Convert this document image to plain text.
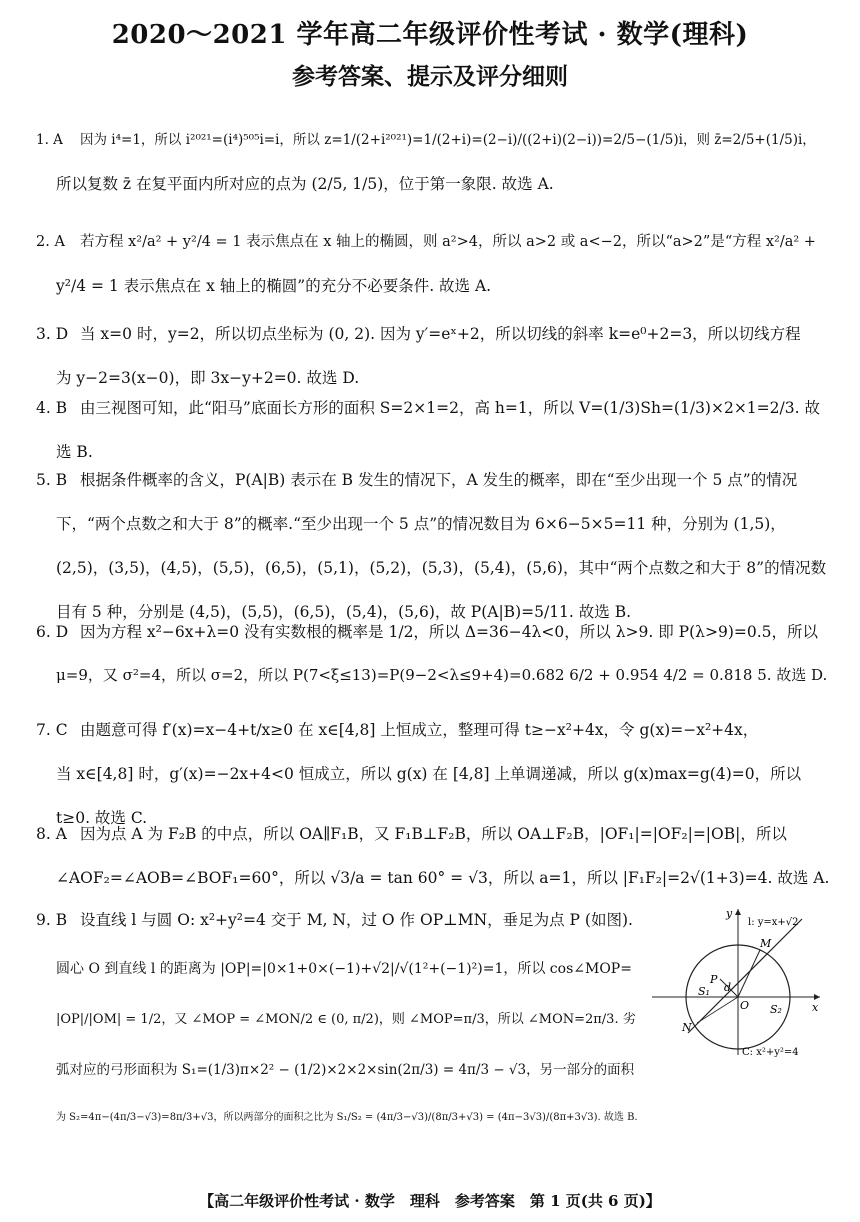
2020～2021 学年高二年级评价性考试 · 数学(理科)
参考答案、提示及评分细则
1. A 因为 i⁴=1，所以 i²⁰²¹=(i⁴)⁵⁰⁵i=i，所以 z=1/(2+i²⁰²¹)=1/(2+i)=(2−i)/((2+i)(2−i))=2/5−(1/5)i，则 z̄=2/5+(1/5)i，
所以复数 z̄ 在复平面内所对应的点为 (2/5, 1/5)，位于第一象限. 故选 A.
2. A 若方程 x²/a² + y²/4 = 1 表示焦点在 x 轴上的椭圆，则 a²>4，所以 a>2 或 a<−2，所以“a>2”是“方程 x²/a² +
y²/4 = 1 表示焦点在 x 轴上的椭圆”的充分不必要条件. 故选 A.
3. D 当 x=0 时，y=2，所以切点坐标为 (0, 2). 因为 y′=eˣ+2，所以切线的斜率 k=e⁰+2=3，所以切线方程
为 y−2=3(x−0)，即 3x−y+2=0. 故选 D.
4. B 由三视图可知，此“阳马”底面长方形的面积 S=2×1=2，高 h=1，所以 V=(1/3)Sh=(1/3)×2×1=2/3. 故
选 B.
5. B 根据条件概率的含义，P(A|B) 表示在 B 发生的情况下，A 发生的概率，即在“至少出现一个 5 点”的情况
下，“两个点数之和大于 8”的概率.“至少出现一个 5 点”的情况数目为 6×6−5×5=11 种，分别为 (1,5)，
(2,5)，(3,5)，(4,5)，(5,5)，(6,5)，(5,1)，(5,2)，(5,3)，(5,4)，(5,6)，其中“两个点数之和大于 8”的情况数
目有 5 种，分别是 (4,5)，(5,5)，(6,5)，(5,4)，(5,6)，故 P(A|B)=5/11. 故选 B.
6. D 因为方程 x²−6x+λ=0 没有实数根的概率是 1/2，所以 Δ=36−4λ<0，所以 λ>9. 即 P(λ>9)=0.5，所以
μ=9，又 σ²=4，所以 σ=2，所以 P(7<ξ≤13)=P(9−2<λ≤9+4)=0.682 6/2 + 0.954 4/2 = 0.818 5. 故选 D.
7. C 由题意可得 f′(x)=x−4+t/x≥0 在 x∈[4,8] 上恒成立，整理可得 t≥−x²+4x，令 g(x)=−x²+4x，
当 x∈[4,8] 时，g′(x)=−2x+4<0 恒成立，所以 g(x) 在 [4,8] 上单调递减，所以 g(x)max=g(4)=0，所以
t≥0. 故选 C.
8. A 因为点 A 为 F₂B 的中点，所以 OA∥F₁B，又 F₁B⊥F₂B，所以 OA⊥F₂B，|OF₁|=|OF₂|=|OB|，所以
∠AOF₂=∠AOB=∠BOF₁=60°，所以 √3/a = tan 60° = √3，所以 a=1，所以 |F₁F₂|=2√(1+3)=4. 故选 A.
9. B 设直线 l 与圆 O: x²+y²=4 交于 M, N，过 O 作 OP⊥MN，垂足为点 P (如图).
圆心 O 到直线 l 的距离为 |OP|=|0×1+0×(−1)+√2|/√(1²+(−1)²)=1，所以 cos∠MOP=
|OP|/|OM| = 1/2，又 ∠MOP = ∠MON/2 ∈ (0, π/2)，则 ∠MOP=π/3，所以 ∠MON=2π/3. 劣
弧对应的弓形面积为 S₁=(1/3)π×2² − (1/2)×2×2×sin(2π/3) = 4π/3 − √3，另一部分的面积
为 S₂=4π−(4π/3−√3)=8π/3+√3，所以两部分的面积之比为 S₁/S₂ = (4π/3−√3)/(8π/3+√3) = (4π−3√3)/(8π+3√3). 故选 B.
y
x
l: y=x+√2
M
N
P
d
O
S₁
S₂
C: x²+y²=4
【高二年级评价性考试 · 数学　理科　参考答案　第 1 页(共 6 页)】
